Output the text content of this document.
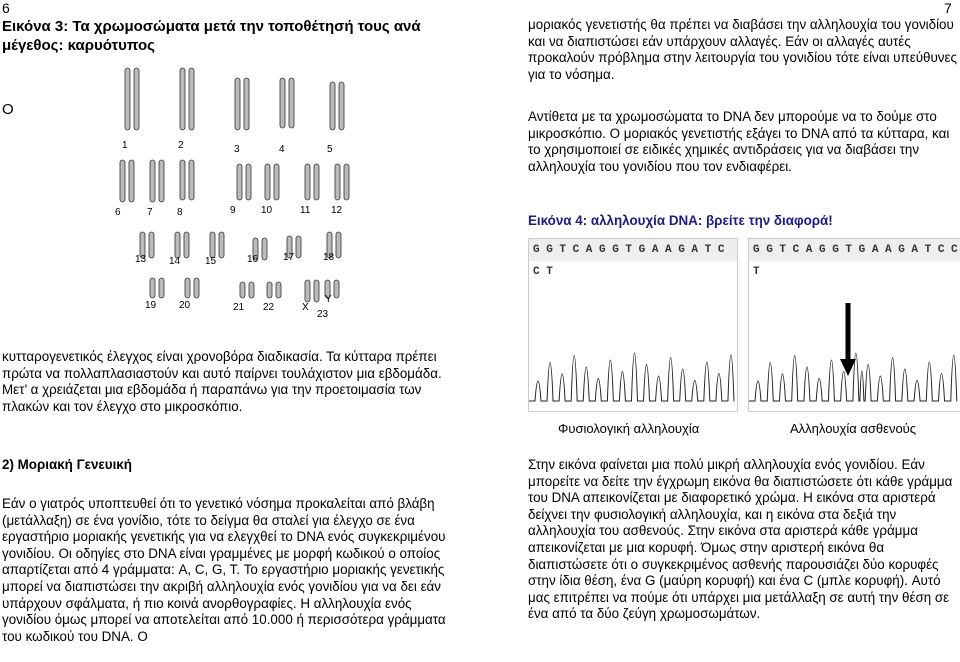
6
Εικόνα 3: Τα χρωμοσώματα μετά την τοποθέτησή τους ανά μέγεθος: καρυότυπος
Ο
1	2	3	4	5
6	7 8	9	10	11 12
13 14 15	16 17	18
19 20	21 22	X
Y
23

κυτταρογενετικός έλεγχος είναι χρονοβόρα διαδικασία. Τα κύτταρα πρέπει πρώτα να πολλαπλασιαστούν και αυτό παίρνει τουλάχιστον μια εβδομάδα. Μετ’ α χρειάζεται μια εβδομάδα ή παραπάνω για την προετοιμασία των πλακών και τον έλεγχο στο μικροσκόπιο.

2) Μοριακή Γενευική

Εάν ο γιατρός υποπτευθεί ότι το γενετικό νόσημα προκαλείται από βλάβη (μετάλλαξη) σε ένα γονίδιο, τότε το δείγμα θα σταλεί για έλεγχο σε ένα εργαστήριο μοριακής γενετικής για να ελεγχθεί το DNA ενός συγκεκριμένου γονιδίου. Οι οδηγίες στο DNA είναι γραμμένες με μορφή κωδικού ο οποίος απαρτίζεται από 4 γράμματα: A, C, G, T. Το εργαστήριο μοριακής γενετικής μπορεί να διαπιστώσει την ακριβή αλληλουχία ενός γονιδίου για να δει εάν υπάρχουν σφάλματα, ή πιο κοινά ανορθογραφίες. Η αλληλουχία ενός γονιδίου όμως μπορεί να αποτελείται από 10.000 ή περισσότερα γράμματα του κωδικού του DNA. Ο

7

μοριακός γενετιστής θα πρέπει να διαβάσει την αλληλουχία του γονιδίου και να διαπιστώσει εάν υπάρχουν αλλαγές. Εάν οι αλλαγές αυτές προκαλούν πρόβλημα στην λειτουργία του γονιδίου τότε είναι υπεύθυνες για το νόσημα.

Αντίθετα με τα χρωμοσώματα το DNA δεν μπορούμε να το δούμε στο μικροσκόπιο. Ο μοριακός γενετιστής εξάγει το DNA από τα κύτταρα, και το χρησιμοποιεί σε ειδικές χημικές αντιδράσεις για να διαβάσει την αλληλουχία του γονιδίου που τον ενδιαφέρει.

Εικόνα 4: αλληλουχία DNA: βρείτε την διαφορά!
G G T C A G G T G A A G A T C C T
G G T C A G G T G A A G A T C C T
Φυσιολογική αλληλουχία	Αλληλουχία ασθενούς

Στην εικόνα φαίνεται μια πολύ μικρή αλληλουχία ενός γονιδίου. Εάν μπορείτε να δείτε την έγχρωμη εικόνα θα διαπιστώσετε ότι κάθε γράμμα του DNA απεικονίζεται με διαφορετικό χρώμα. Η εικόνα στα αριστερά δείχνει την φυσιολογική αλληλουχία, και η εικόνα στα δεξιά την αλληλουχία του ασθενούς. Στην εικόνα στα αριστερά κάθε γράμμα απεικονίζεται με μια κορυφή. Όμως στην αριστερή εικόνα θα διαπιστώσετε ότι ο συγκεκριμένος ασθενής παρουσιάζει δύο κορυφές στην ίδια θέση, ένα G (μαύρη κορυφή) και ένα C (μπλε κορυφή). Αυτό μας επιτρέπει να πούμε ότι υπάρχει μια μετάλλαξη σε αυτή την θέση σε ένα από τα δύο ζεύγη χρωμοσωμάτων.
